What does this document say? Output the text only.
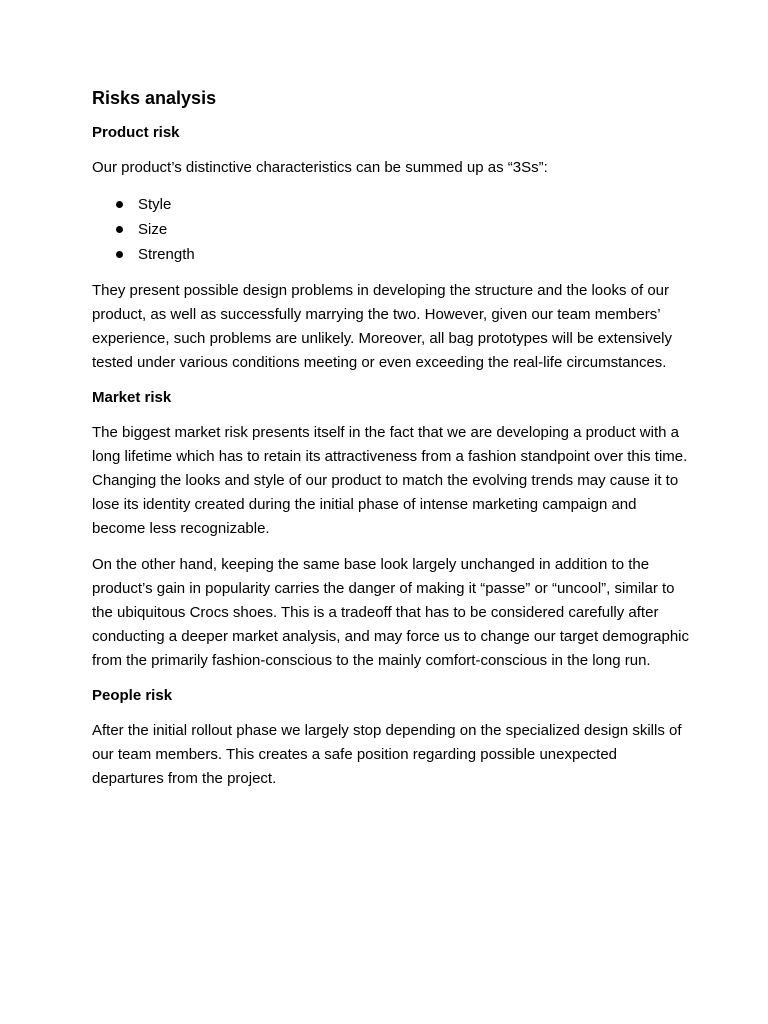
Risks analysis
Product risk

Our product’s distinctive characteristics can be summed up as “3Ss”:

Style
Size
Strength

They present possible design problems in developing the structure and the looks of our product, as well as successfully marrying the two. However, given our team members’ experience, such problems are unlikely. Moreover, all bag prototypes will be extensively tested under various conditions meeting or even exceeding the real-life circumstances.

Market risk

The biggest market risk presents itself in the fact that we are developing a product with a long lifetime which has to retain its attractiveness from a fashion standpoint over this time. Changing the looks and style of our product to match the evolving trends may cause it to lose its identity created during the initial phase of intense marketing campaign and become less recognizable.

On the other hand, keeping the same base look largely unchanged in addition to the product’s gain in popularity carries the danger of making it “passe” or “uncool”, similar to the ubiquitous Crocs shoes. This is a tradeoff that has to be considered carefully after conducting a deeper market analysis, and may force us to change our target demographic from the primarily fashion-conscious to the mainly comfort-conscious in the long run.

People risk

After the initial rollout phase we largely stop depending on the specialized design skills of our team members. This creates a safe position regarding possible unexpected departures from the project.
